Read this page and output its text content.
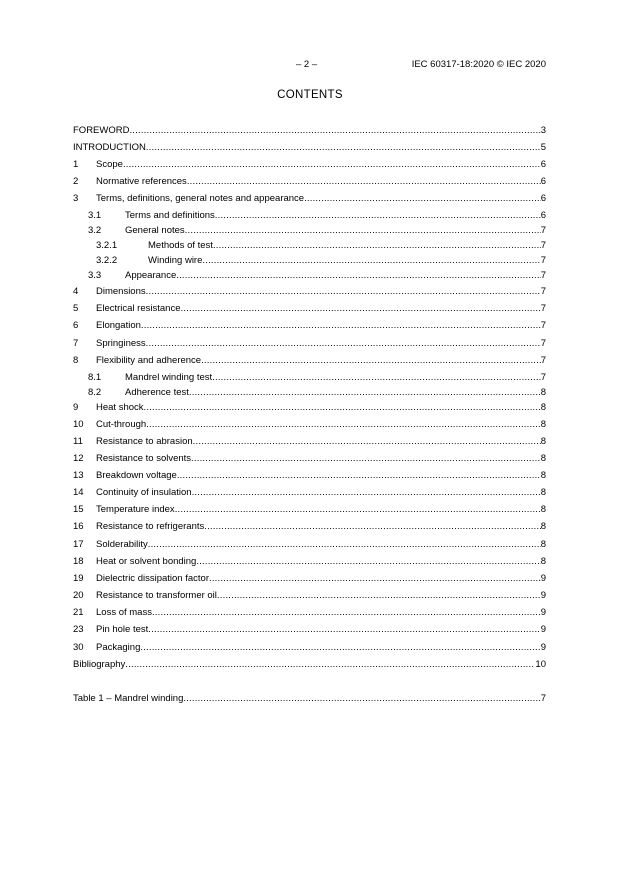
– 2 –	IEC 60317-18:2020 © IEC 2020
CONTENTS
FOREWORD .....	3
INTRODUCTION .....	5
1	Scope .....	6
2	Normative references .....	6
3	Terms, definitions, general notes and appearance .....	6
3.1	Terms and definitions .....	6
3.2	General notes .....	7
3.2.1	Methods of test .....	7
3.2.2	Winding wire .....	7
3.3	Appearance .....	7
4	Dimensions .....	7
5	Electrical resistance .....	7
6	Elongation .....	7
7	Springiness .....	7
8	Flexibility and adherence .....	7
8.1	Mandrel winding test .....	7
8.2	Adherence test .....	8
9	Heat shock .....	8
10	Cut-through .....	8
11	Resistance to abrasion .....	8
12	Resistance to solvents .....	8
13	Breakdown voltage .....	8
14	Continuity of insulation .....	8
15	Temperature index .....	8
16	Resistance to refrigerants .....	8
17	Solderability .....	8
18	Heat or solvent bonding .....	8
19	Dielectric dissipation factor .....	9
20	Resistance to transformer oil .....	9
21	Loss of mass .....	9
23	Pin hole test .....	9
30	Packaging .....	9
Bibliography .....	10
Table 1 – Mandrel winding .....	7
